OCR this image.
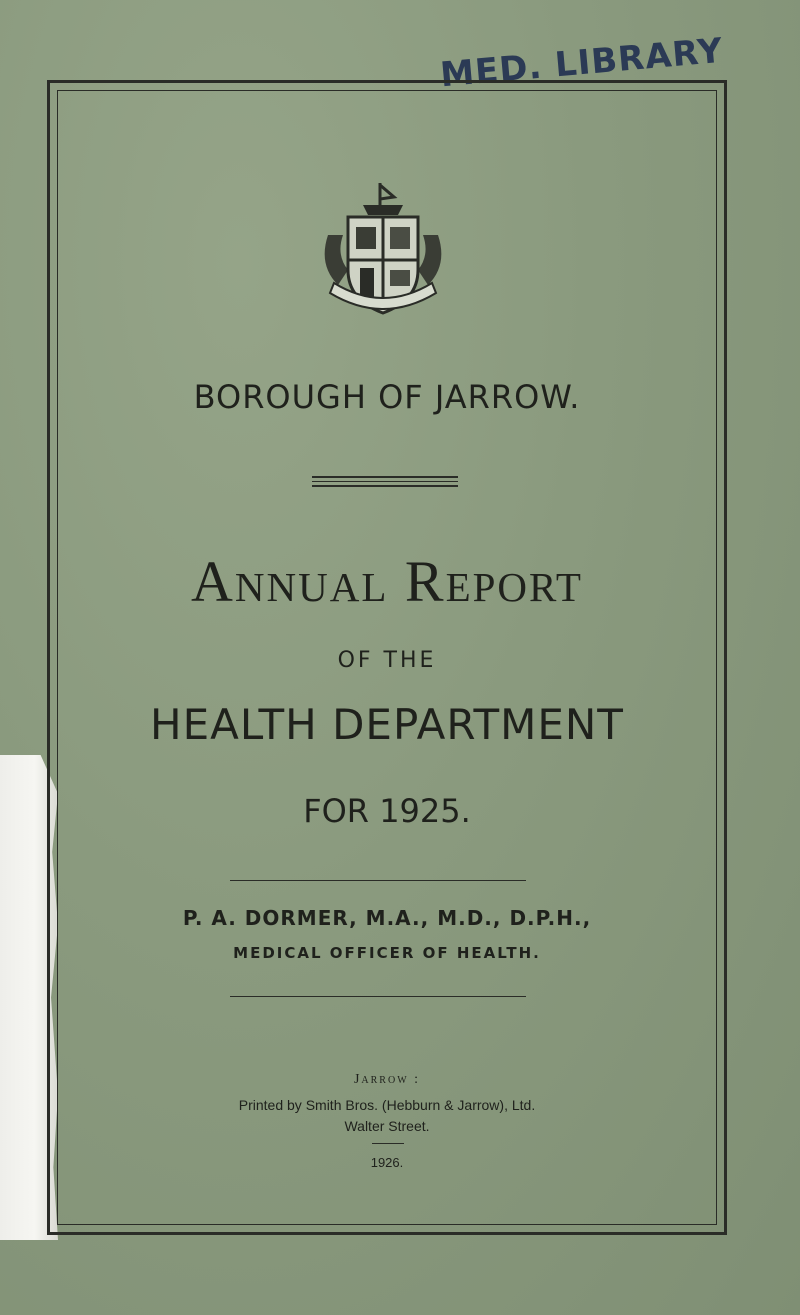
MED. LIBRARY
BOROUGH OF JARROW.
Annual Report
OF THE
HEALTH DEPARTMENT
FOR 1925.
P. A. DORMER, M.A., M.D., D.P.H.,
MEDICAL OFFICER OF HEALTH.
Jarrow :
Printed by Smith Bros. (Hebburn & Jarrow), Ltd.
Walter Street.
1926.
